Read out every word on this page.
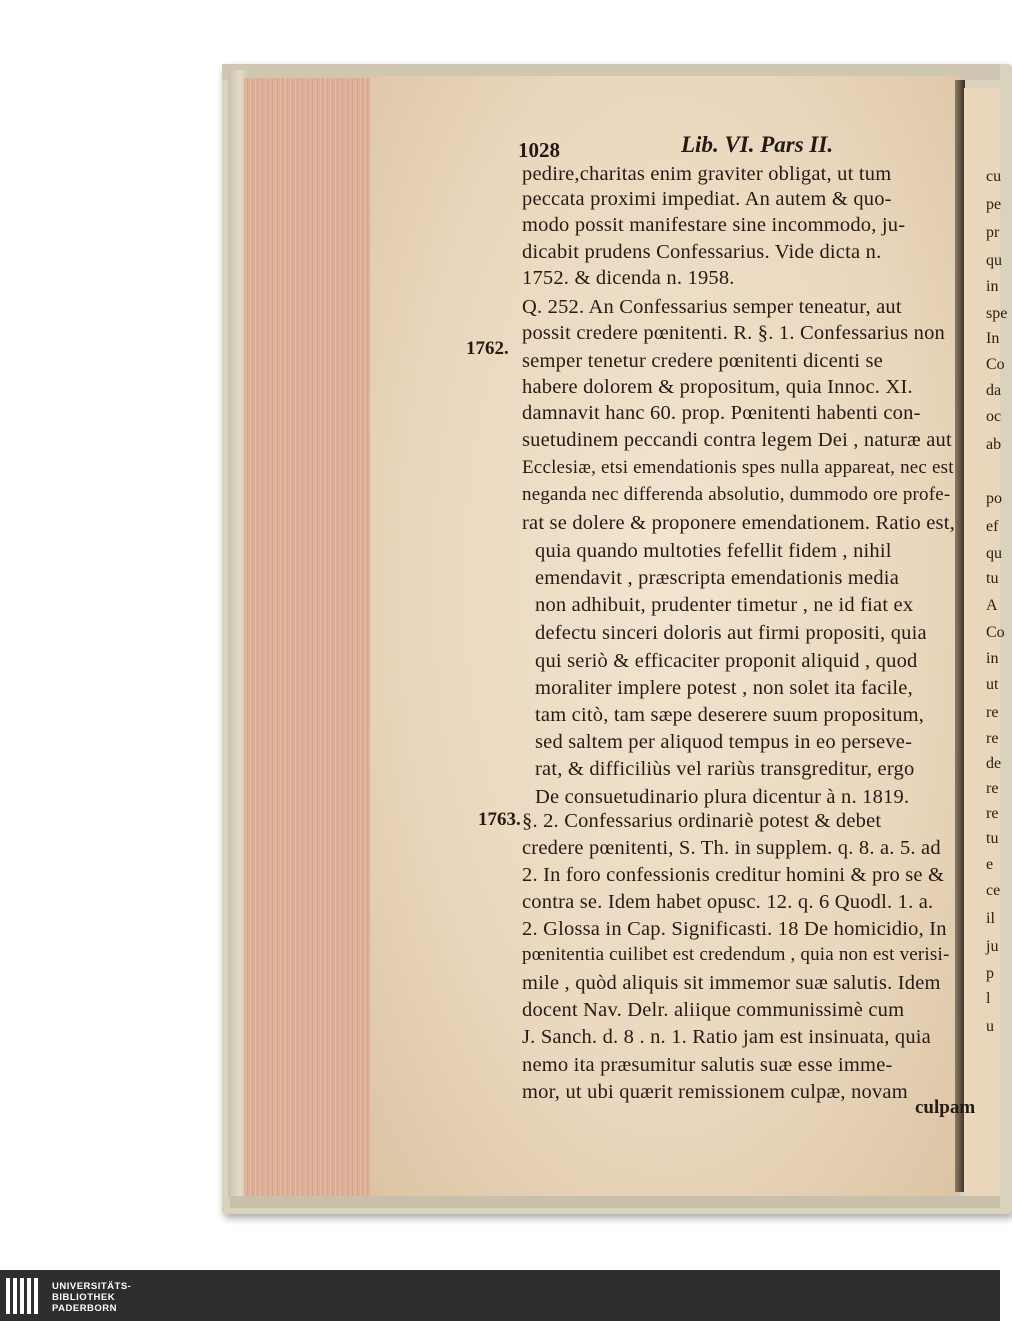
1028	Lib. VI. Pars II.
1762.
1763.
pedire,charitas enim graviter obligat, ut tum
peccata proximi impediat. An autem & quo-
modo possit manifestare sine incommodo, ju-
dicabit prudens Confessarius. Vide dicta n.
1752. & dicenda n. 1958.
Q. 252. An Confessarius semper teneatur, aut
possit credere pœnitenti. R. §. 1. Confessarius non
semper tenetur credere pœnitenti dicenti se
habere dolorem & propositum, quia Innoc. XI.
damnavit hanc 60. prop. Pœnitenti habenti con-
suetudinem peccandi contra legem Dei , naturæ aut
Ecclesiæ, etsi emendationis spes nulla appareat, nec est
neganda nec differenda absolutio, dummodo ore profe-
rat se dolere & proponere emendationem. Ratio est,
quia quando multoties fefellit fidem , nihil
emendavit , præscripta emendationis media
non adhibuit, prudenter timetur , ne id fiat ex
defectu sinceri doloris aut firmi propositi, quia
qui seriò & efficaciter proponit aliquid , quod
moraliter implere potest , non solet ita facile,
tam citò, tam sæpe deserere suum propositum,
sed saltem per aliquod tempus in eo perseve-
rat, & difficiliùs vel rariùs transgreditur, ergo
De consuetudinario plura dicentur à n. 1819.
§. 2. Confessarius ordinariè potest & debet
credere pœnitenti, S. Th. in supplem. q. 8. a. 5. ad
2. In foro confessionis creditur homini & pro se &
contra se. Idem habet opusc. 12. q. 6 Quodl. 1. a.
2. Glossa in Cap. Significasti. 18 De homicidio, In
pœnitentia cuilibet est credendum , quia non est verisi-
mile , quòd aliquis sit immemor suæ salutis. Idem
docent Nav. Delr. aliique communissimè cum
J. Sanch. d. 8 . n. 1. Ratio jam est insinuata, quia
nemo ita præsumitur salutis suæ esse imme-
mor, ut ubi quærit remissionem culpæ, novam
culpam
cu
pe
pr
qu
in
spe
In
Co
da
oc
ab
po
ef
qu
tu
A
Co
in
ut
re
re
de
re
re
tu
e
ce
il
ju
p
l
u
UNIVERSITÄTS-
BIBLIOTHEK
PADERBORN
